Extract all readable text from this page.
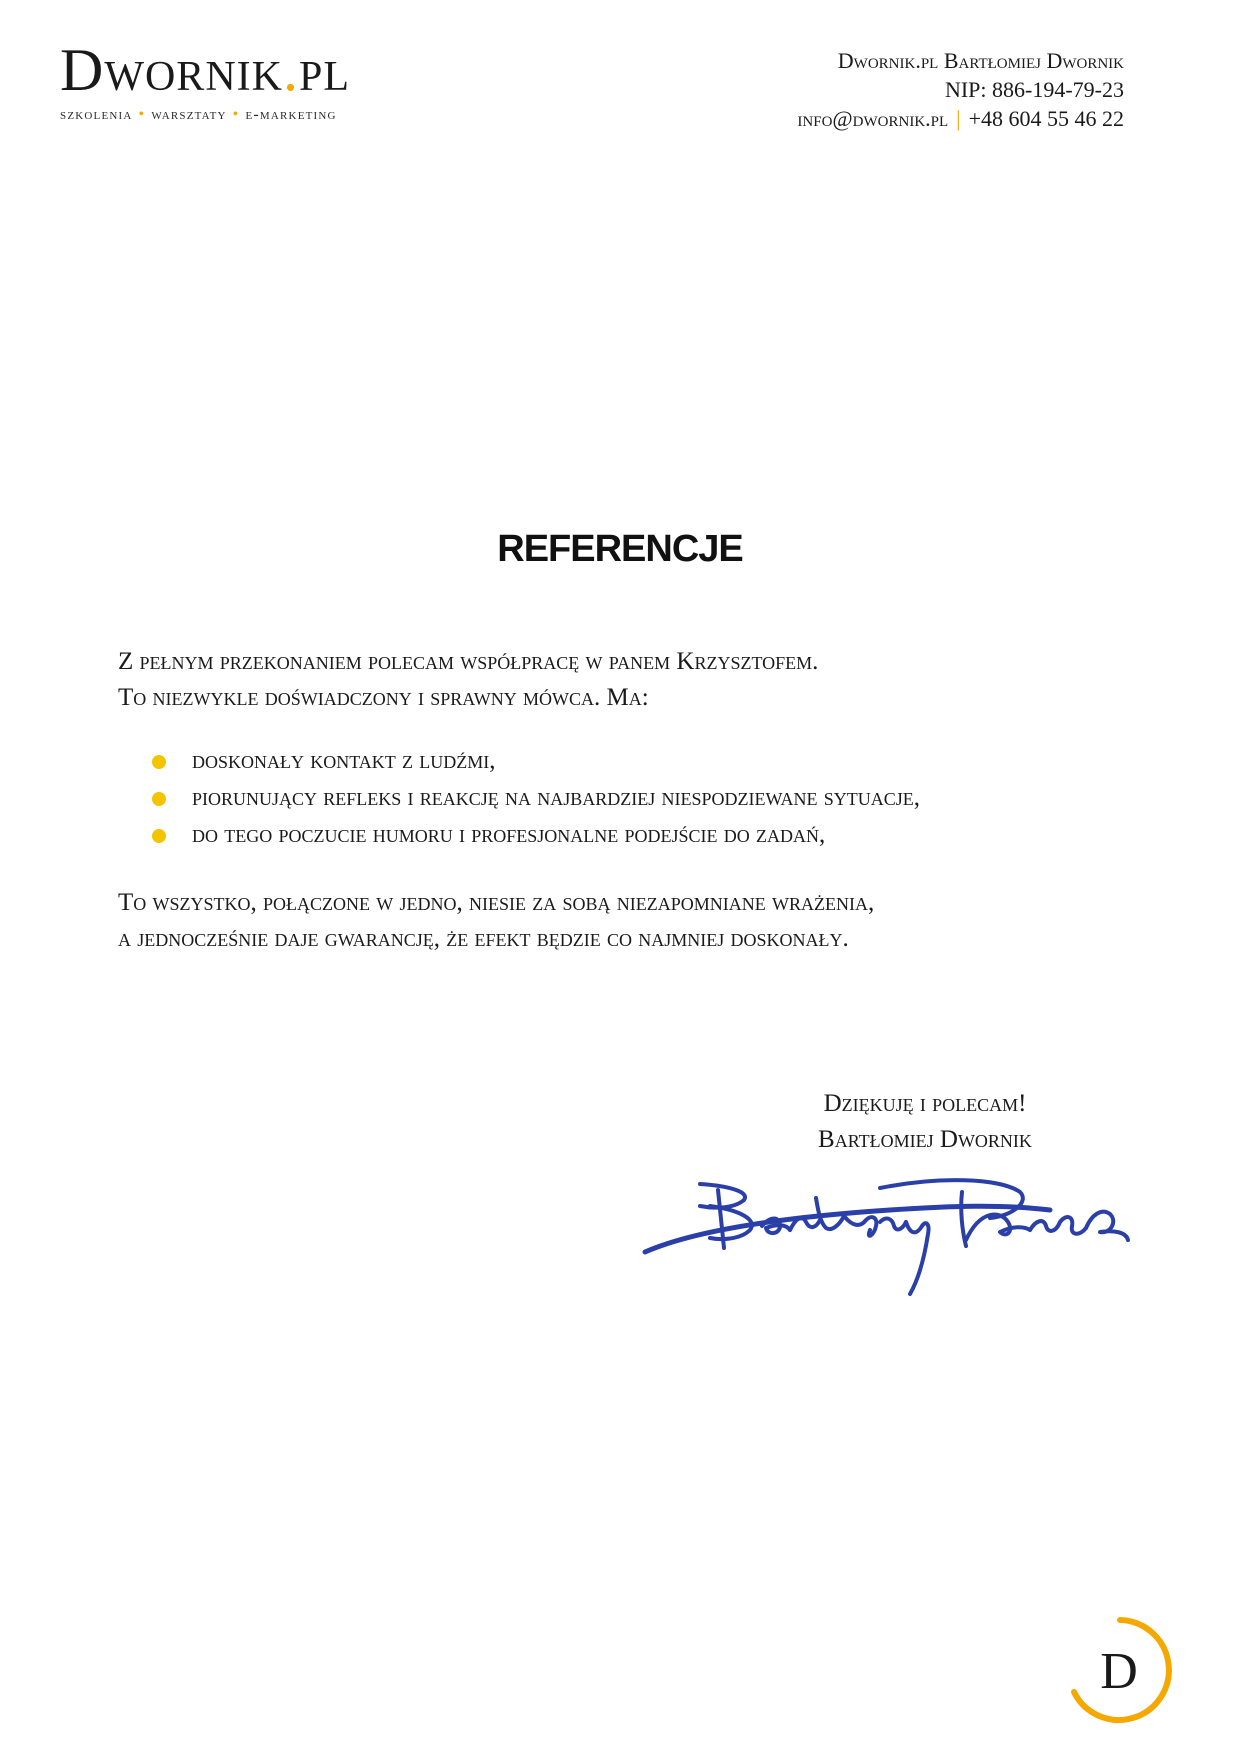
Dwornik.pl
szkolenia • warsztaty • e-marketing
Dwornik.pl Bartłomiej Dwornik
NIP: 886-194-79-23
info@dwornik.pl | +48 604 55 46 22
REFERENCJE

Z pełnym przekonaniem polecam współpracę w panem Krzysztofem.

To niezwykle doświadczony i sprawny mówca. Ma:

doskonały kontakt z ludźmi,
piorunujący refleks i reakcję na najbardziej niespodziewane sytuacje,
do tego poczucie humoru i profesjonalne podejście do zadań,

To wszystko, połączone w jedno, niesie za sobą niezapomniane wrażenia,

a jednocześnie daje gwarancję, że efekt będzie co najmniej doskonały.

Dziękuję i polecam!
Bartłomiej Dwornik
D
